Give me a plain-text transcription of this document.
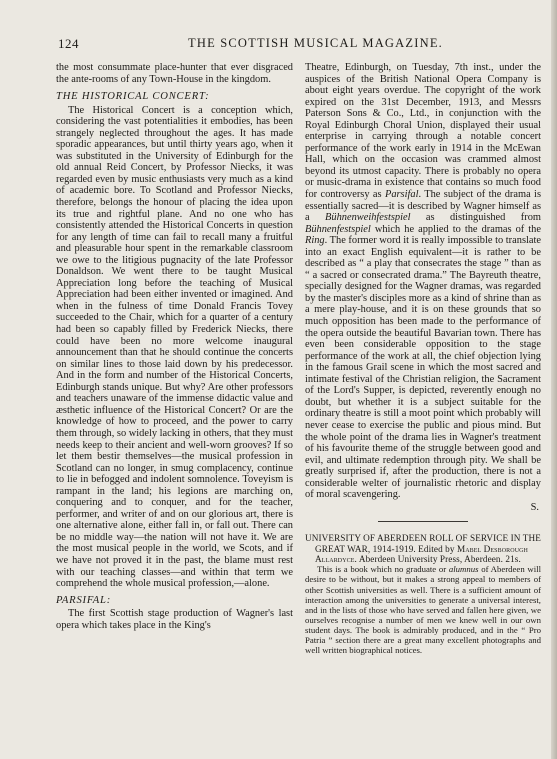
124	THE SCOTTISH MUSICAL MAGAZINE.

the most consummate place-hunter that ever disgraced the ante-rooms of any Town-House in the kingdom.

THE HISTORICAL CONCERT:

The Historical Concert is a conception which, considering the vast potentialities it embodies, has been strangely neglected throughout the ages. It has made sporadic appearances, but until thirty years ago, when it was substituted in the University of Edinburgh for the old annual Reid Concert, by Professor Niecks, it was regarded even by music enthusiasts very much as a kind of academic bore. To Scotland and Professor Niecks, therefore, belongs the honour of placing the idea upon its true and rightful plane. And no one who has consistently attended the Historical Concerts in question for any length of time can fail to recall many a fruitful and pleasurable hour spent in the remarkable classroom we owe to the litigious pugnacity of the late Professor Donaldson. We went there to be taught Musical Appreciation long before the teaching of Musical Appreciation had been either invented or imagined. And when in the fulness of time Donald Francis Tovey succeeded to the Chair, which for a quarter of a century had been so capably filled by Frederick Niecks, there could have been no more welcome inaugural announcement than that he should continue the concerts on similar lines to those laid down by his predecessor. And in the form and number of the Historical Concerts, Edinburgh stands unique. But why? Are other professors and teachers unaware of the immense didactic value and æsthetic influence of the Historical Concert? Or are the knowledge of how to proceed, and the power to carry them through, so widely lacking in others, that they must needs keep to their ancient and well-worn grooves? If so let them bestir themselves—the musical profession in Scotland can no longer, in smug complacency, continue to lie in befogged and indolent somnolence. Toveyism is rampant in the land; his legions are marching on, conquering and to conquer, and for the teacher, performer, and writer of and on our glorious art, there is one alternative alone, either fall in, or fall out. There can be no middle way—the nation will not have it. We are the most musical people in the world, we Scots, and if we have not proved it in the past, the blame must rest with our teaching classes—and within that term we comprehend the whole musical profession,—alone.

PARSIFAL:

The first Scottish stage production of Wagner's last opera which takes place in the King's

Theatre, Edinburgh, on Tuesday, 7th inst., under the auspices of the British National Opera Company is about eight years overdue. The copyright of the work expired on the 31st December, 1913, and Messrs Paterson Sons & Co., Ltd., in conjunction with the Royal Edinburgh Choral Union, displayed their usual enterprise in carrying through a notable concert performance of the work early in 1914 in the McEwan Hall, which on the occasion was crammed almost beyond its utmost capacity. There is probably no opera or music-drama in existence that contains so much food for controversy as Parsifal. The subject of the drama is essentially sacred—it is described by Wagner himself as a Bühnenweihfestspiel as distinguished from Bühnenfestspiel which he applied to the dramas of the Ring. The former word it is really impossible to translate into an exact English equivalent—it is rather to be described as “ a play that consecrates the stage ” than as “ a sacred or consecrated drama.” The Bayreuth theatre, specially designed for the Wagner dramas, was regarded by the master's disciples more as a kind of shrine than as a mere play-house, and it is on these grounds that so much opposition has been made to the performance of the opera outside the beautiful Bavarian town. There has even been considerable opposition to the stage performance of the work at all, the chief objection lying in the famous Grail scene in which the most sacred and intimate festival of the Christian religion, the Sacrament of the Lord's Supper, is depicted, reverently enough no doubt, but whether it is a subject suitable for the ordinary theatre is still a moot point which probably will never cease to exercise the public and pious mind. But the whole point of the drama lies in Wagner's treatment of his favourite theme of the struggle between good and evil, and ultimate redemption through pity. We shall be greatly surprised if, after the production, there is not a considerable welter of journalistic rhetoric and display of moral scavengering.

S.
UNIVERSITY OF ABERDEEN ROLL OF SERVICE IN THE GREAT WAR, 1914-1919. Edited by Mabel Desborough Allardyce. Aberdeen University Press, Aberdeen. 21s.

This is a book which no graduate or alumnus of Aberdeen will desire to be without, but it makes a strong appeal to members of other Scottish universities as well. There is a sufficient amount of interaction among the universities to generate a universal interest, and in the lists of those who have served and fallen here given, we ourselves recognise a number of men we knew well in our own student days. The book is admirably produced, and in the “ Pro Patria ” section there are a great many excellent photographs and well written biographical notices.
